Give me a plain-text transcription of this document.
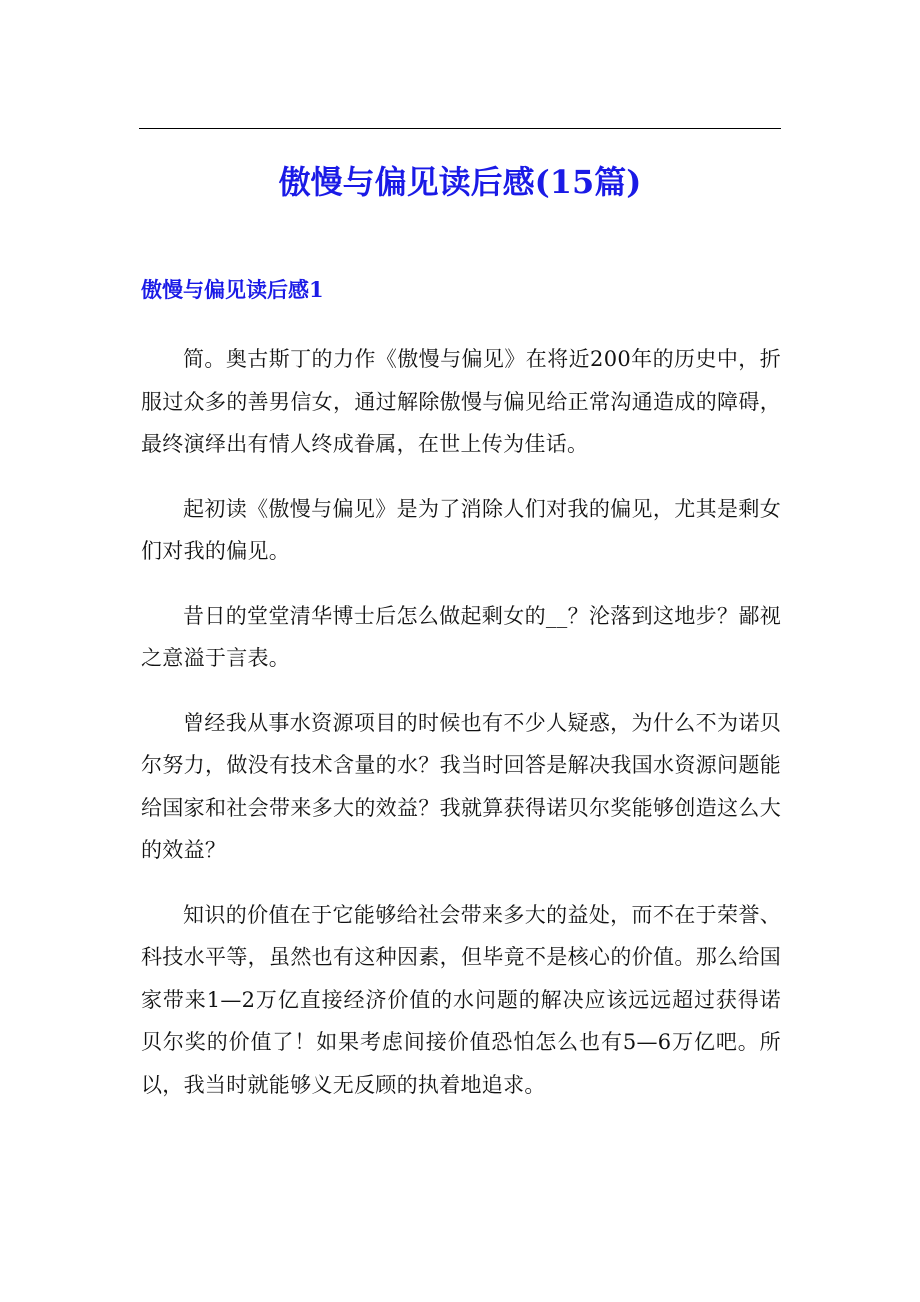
傲慢与偏见读后感(15篇)
傲慢与偏见读后感1

简。奥古斯丁的力作《傲慢与偏见》在将近200年的历史中，折服过众多的善男信女，通过解除傲慢与偏见给正常沟通造成的障碍，最终演绎出有情人终成眷属，在世上传为佳话。

起初读《傲慢与偏见》是为了消除人们对我的偏见，尤其是剩女们对我的偏见。

昔日的堂堂清华博士后怎么做起剩女的__？沦落到这地步？鄙视之意溢于言表。

曾经我从事水资源项目的时候也有不少人疑惑，为什么不为诺贝尔努力，做没有技术含量的水？我当时回答是解决我国水资源问题能给国家和社会带来多大的效益？我就算获得诺贝尔奖能够创造这么大的效益？

知识的价值在于它能够给社会带来多大的益处，而不在于荣誉、科技水平等，虽然也有这种因素，但毕竟不是核心的价值。那么给国家带来1—2万亿直接经济价值的水问题的解决应该远远超过获得诺贝尔奖的价值了！如果考虑间接价值恐怕怎么也有5—6万亿吧。所以，我当时就能够义无反顾的执着地追求。
